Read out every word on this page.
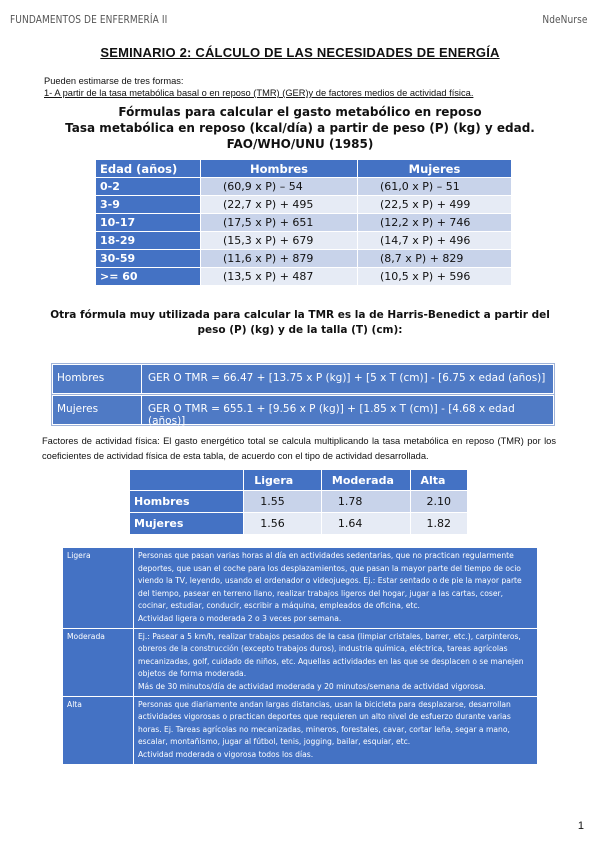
FUNDAMENTOS DE ENFERMERÍA II	NdeNurse
SEMINARIO 2: CÁLCULO DE LAS NECESIDADES DE ENERGÍA
Pueden estimarse de tres formas:
1- A partir de la tasa metabólica basal o en reposo (TMR) (GER)y de factores medios de actividad física.
Fórmulas para calcular el gasto metabólico en reposo
Tasa metabólica en reposo (kcal/día) a partir de peso (P) (kg) y edad.
FAO/WHO/UNU (1985)
Edad (años)	Hombres	Mujeres
0-2	(60,9 x P) – 54	(61,0 x P) – 51
3-9	(22,7 x P) + 495	(22,5 x P) + 499
10-17	(17,5 x P) + 651	(12,2 x P) + 746
18-29	(15,3 x P) + 679	(14,7 x P) + 496
30-59	(11,6 x P) + 879	(8,7 x P) + 829
>= 60	(13,5 x P) + 487	(10,5 x P) + 596
Otra fórmula muy utilizada para calcular la TMR es la de Harris-Benedict a partir del
peso (P) (kg) y de la talla (T) (cm):
Hombres	GER O TMR = 66.47 + [13.75 x P (kg)] + [5 x T (cm)] - [6.75 x edad (años)]
Mujeres	GER O TMR = 655.1 + [9.56 x P (kg)] + [1.85 x T (cm)] - [4.68 x edad (años)]
Factores de actividad física: El gasto energético total se calcula multiplicando la tasa metabólica en reposo (TMR) por los coeficientes de actividad física de esta tabla, de acuerdo con el tipo de actividad desarrollada.
	Ligera	Moderada	Alta
Hombres	1.55	1.78	2.10
Mujeres	1.56	1.64	1.82
Ligera	Personas que pasan varias horas al día en actividades sedentarias, que no practican regularmente deportes, que usan el coche para los desplazamientos, que pasan la mayor parte del tiempo de ocio viendo la TV, leyendo, usando el ordenador o videojuegos. Ej.: Estar sentado o de pie la mayor parte del tiempo, pasear en terreno llano, realizar trabajos ligeros del hogar, jugar a las cartas, coser, cocinar, estudiar, conducir, escribir a máquina, empleados de oficina, etc.
Actividad ligera o moderada 2 o 3 veces por semana.

Moderada	Ej.: Pasear a 5 km/h, realizar trabajos pesados de la casa (limpiar cristales, barrer, etc.), carpinteros, obreros de la construcción (excepto trabajos duros), industria química, eléctrica, tareas agrícolas mecanizadas, golf, cuidado de niños, etc. Aquellas actividades en las que se desplacen o se manejen objetos de forma moderada.
Más de 30 minutos/día de actividad moderada y 20 minutos/semana de actividad vigorosa.

Alta	Personas que diariamente andan largas distancias, usan la bicicleta para desplazarse, desarrollan actividades vigorosas o practican deportes que requieren un alto nivel de esfuerzo durante varias horas. Ej. Tareas agrícolas no mecanizadas, mineros, forestales, cavar, cortar leña, segar a mano, escalar, montañismo, jugar al fútbol, tenis, jogging, bailar, esquiar, etc.
Actividad moderada o vigorosa todos los días.
1
